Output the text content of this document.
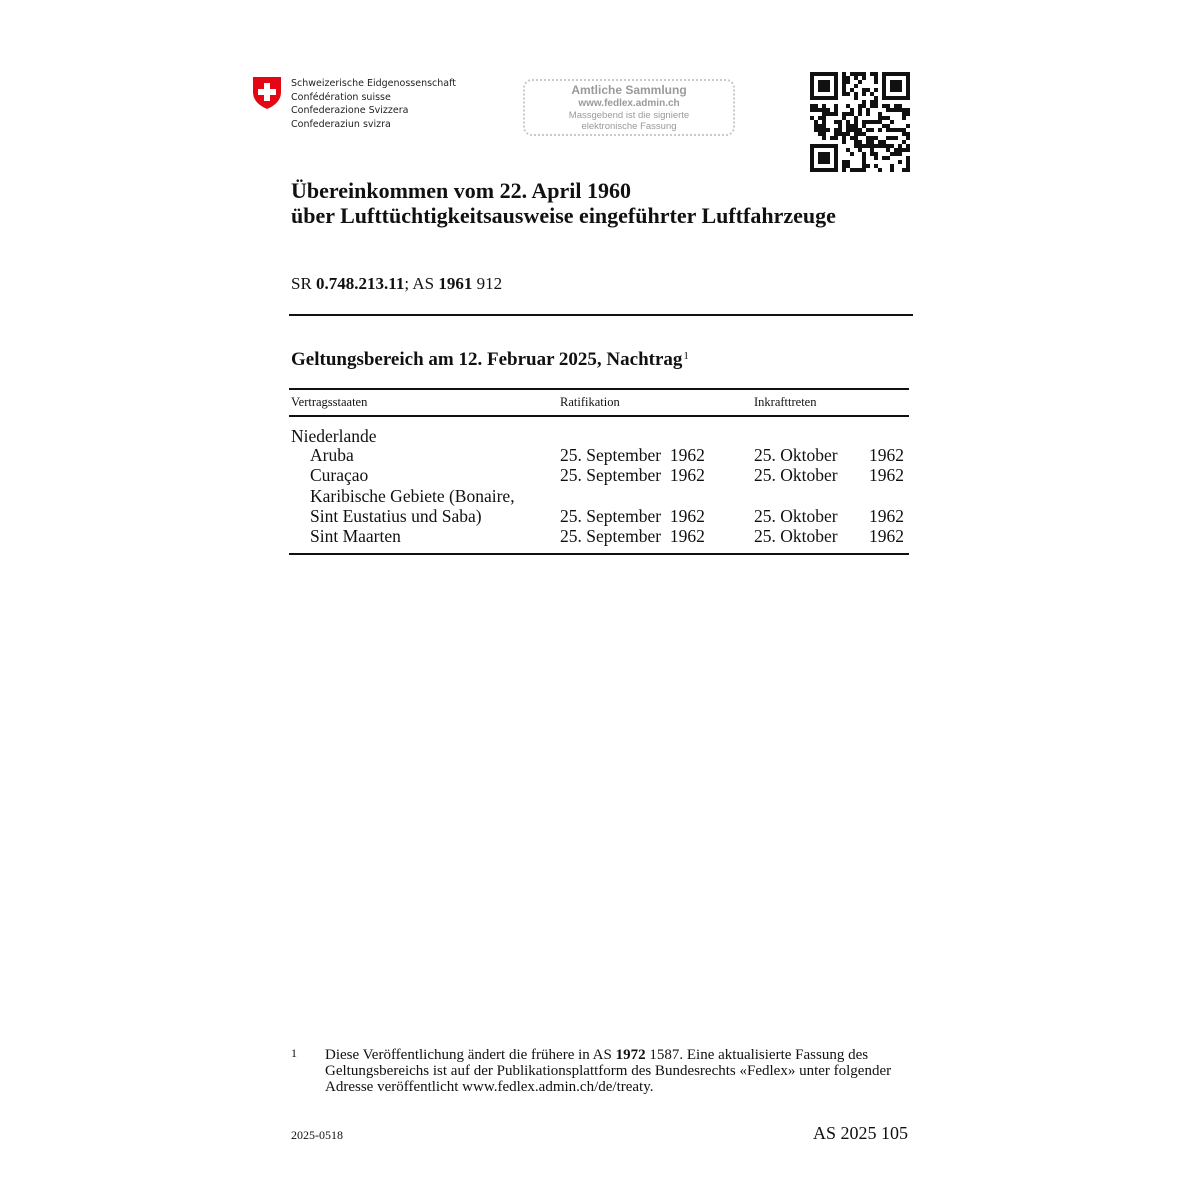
Schweizerische Eidgenossenschaft
Confédération suisse
Confederazione Svizzera
Confederaziun svizra
Amtliche Sammlung
www.fedlex.admin.ch
Massgebend ist die signierte
elektronische Fassung
Übereinkommen vom 22. April 1960
über Lufttüchtigkeitsausweise eingeführter Luftfahrzeuge
SR 0.748.213.11; AS 1961 912
Geltungsbereich am 12. Februar 2025, Nachtrag$^1$
Vertragsstaaten	Ratifikation	Inkrafttreten
Niederlande
Aruba	25. September  1962	25. Oktober 1962
Curaçao	25. September  1962	25. Oktober 1962
Karibische Gebiete (Bonaire,
Sint Eustatius und Saba)	25. September  1962	25. Oktober 1962
Sint Maarten	25. September  1962	25. Oktober 1962
1 Diese Veröffentlichung ändert die frühere in AS 1972 1587. Eine aktualisierte Fassung des Geltungsbereichs ist auf der Publikationsplattform des Bundesrechts «Fedlex» unter folgender Adresse veröffentlicht www.fedlex.admin.ch/de/treaty.
2025-0518	AS 2025 105
